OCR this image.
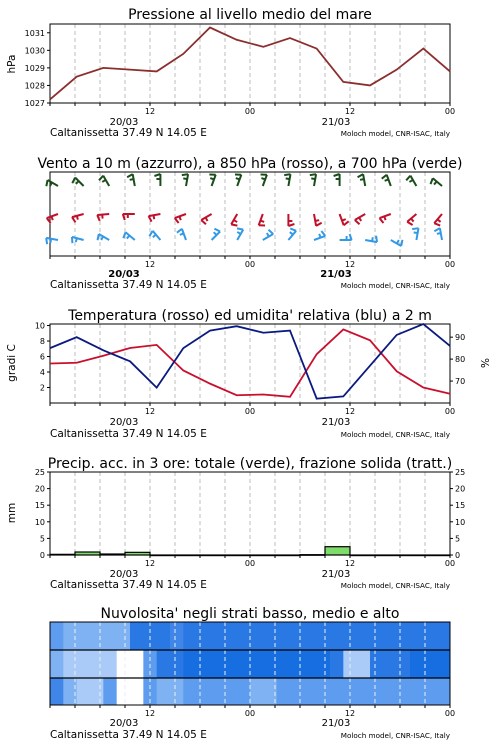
Pressione al livello medio del mare
1027
1028
1029
1030
1031
hPa
12	00	12	00
20/03	21/03
Caltanissetta 37.49 N 14.05 E	Moloch model, CNR-ISAC, Italy
Vento a 10 m (azzurro), a 850 hPa (rosso), a 700 hPa (verde)
12	00	12	00
20/03	21/03
Caltanissetta 37.49 N 14.05 E	Moloch model, CNR-ISAC, Italy
Temperatura (rosso) ed umidita' relativa (blu) a 2 m
2
4
6
8
10
70
80
90
gradi C	%
12	00	12	00
20/03	21/03
Caltanissetta 37.49 N 14.05 E	Moloch model, CNR-ISAC, Italy
Precip. acc. in 3 ore: totale (verde), frazione solida (tratt.)
0
5
10
15
20
25
0
5
10
15
20
25
mm
12	00	12	00
20/03	21/03
Caltanissetta 37.49 N 14.05 E	Moloch model, CNR-ISAC, Italy
Nuvolosita' negli strati basso, medio e alto
12	00	12	00
20/03	21/03
Caltanissetta 37.49 N 14.05 E	Moloch model, CNR-ISAC, Italy
